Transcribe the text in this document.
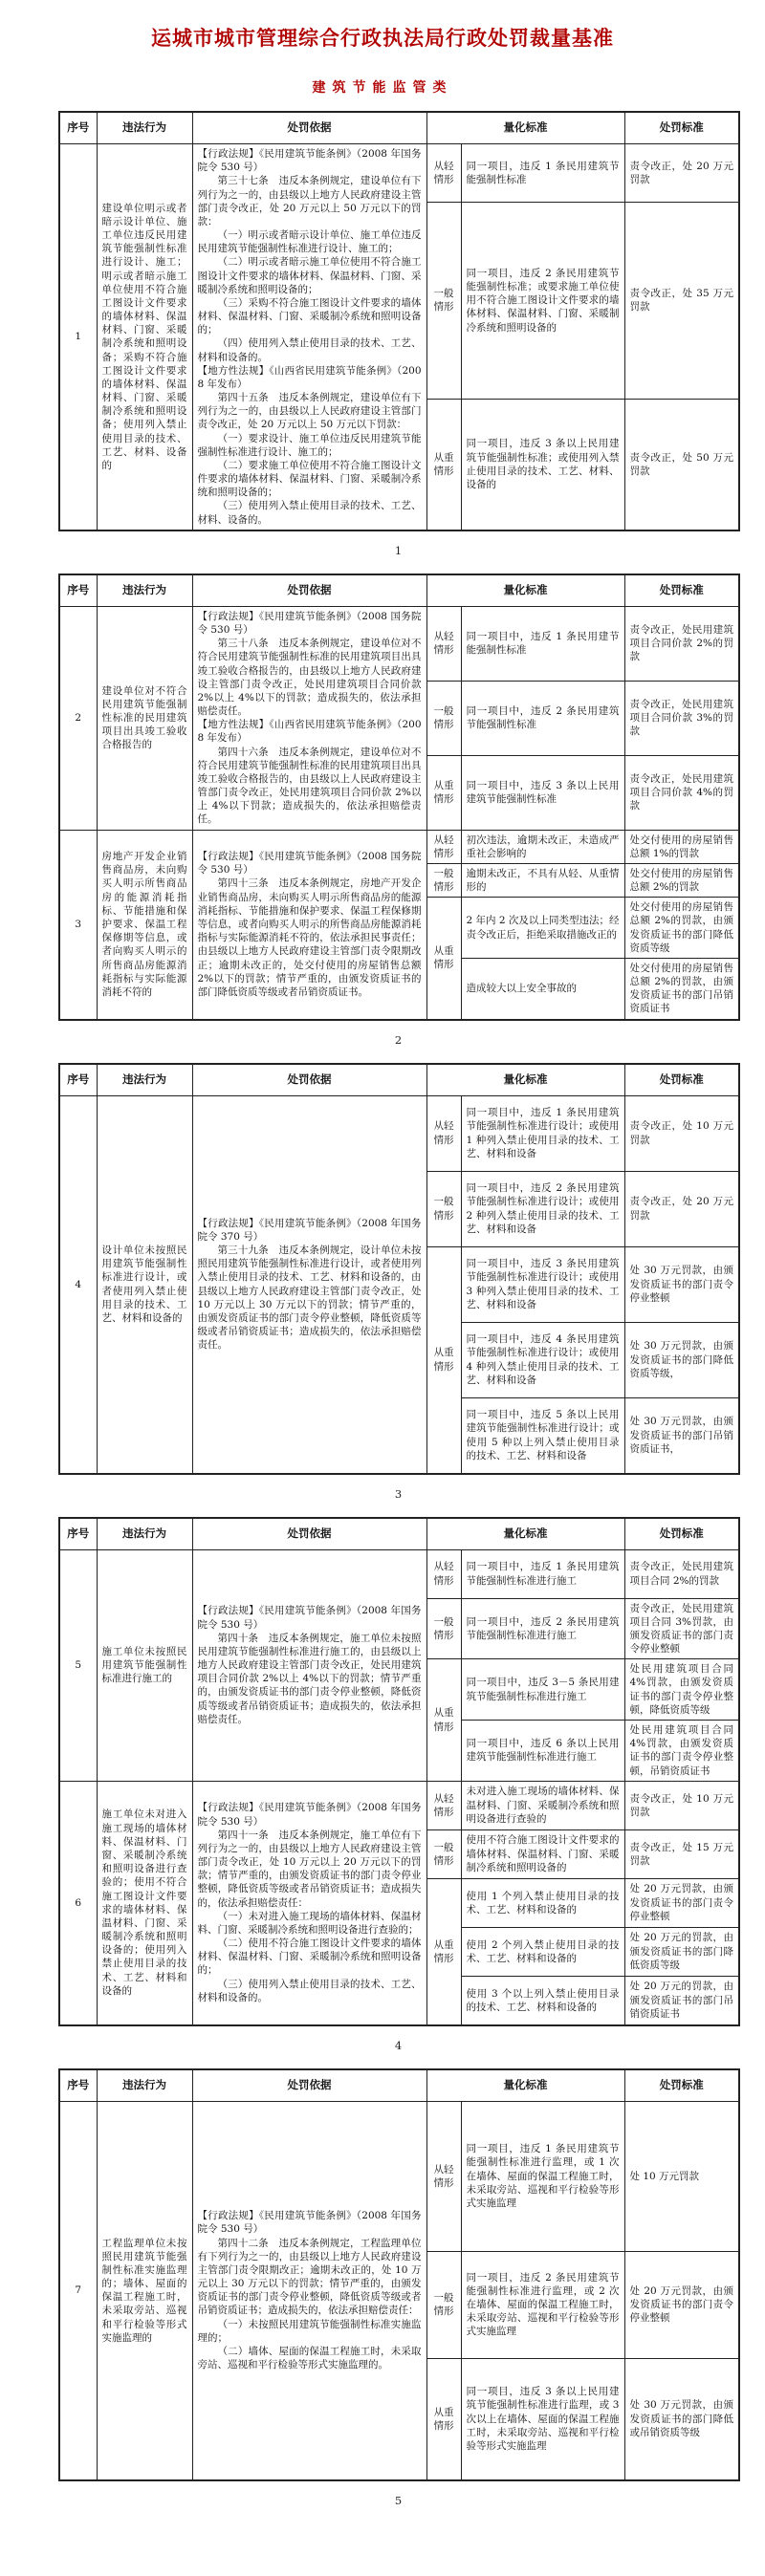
运城市城市管理综合行政执法局行政处罚裁量基准
建筑节能监管类
序号	违法行为	处罚依据	量化标准		处罚标准
1	建设单位明示或者暗示设计单位、施工单位违反民用建筑节能强制性标准进行设计、施工；明示或者暗示施工单位使用不符合施工图设计文件要求的墙体材料、保温材料、门窗、采暖制冷系统和照明设备；采购不符合施工图设计文件要求的墙体材料、保温材料、门窗、采暖制冷系统和照明设备；使用列入禁止使用目录的技术、工艺、材料、设备的	

【行政法规】《民用建筑节能条例》（2008 年国务院令 530 号）

第三十七条　违反本条例规定，建设单位有下列行为之一的，由县级以上地方人民政府建设主管部门责令改正，处 20 万元以上 50 万元以下的罚款：

（一）明示或者暗示设计单位、施工单位违反民用建筑节能强制性标准进行设计、施工的；

（二）明示或者暗示施工单位使用不符合施工图设计文件要求的墙体材料、保温材料、门窗、采暖制冷系统和照明设备的；

（三）采购不符合施工图设计文件要求的墙体材料、保温材料、门窗、采暖制冷系统和照明设备的；

（四）使用列入禁止使用目录的技术、工艺、材料和设备的。

【地方性法规】《山西省民用建筑节能条例》（2008 年发布）

第四十五条　违反本条例规定，建设单位有下列行为之一的，由县级以上人民政府建设主管部门责令改正，处 20 万元以上 50 万元以下罚款：

（一）要求设计、施工单位违反民用建筑节能强制性标准进行设计、施工的；

（二）要求施工单位使用不符合施工图设计文件要求的墙体材料、保温材料、门窗、采暖制冷系统和照明设备的；

（三）使用列入禁止使用目录的技术、工艺、材料、设备的。

	从轻情形	同一项目，违反 1 条民用建筑节能强制性标准	责令改正，处 20 万元罚款
			一般情形	同一项目，违反 2 条民用建筑节能强制性标准；或要求施工单位使用不符合施工图设计文件要求的墙体材料、保温材料、门窗、采暖制冷系统和照明设备的	责令改正，处 35 万元罚款
			从重情形	同一项目，违反 3 条以上民用建筑节能强制性标准；或使用列入禁止使用目录的技术、工艺、材料、设备的	责令改正，处 50 万元罚款
1
序号	违法行为	处罚依据	量化标准		处罚标准
2	建设单位对不符合民用建筑节能强制性标准的民用建筑项目出具竣工验收合格报告的	【行政法规】《民用建筑节能条例》（2008 国务院令 530 号）

第三十八条　违反本条例规定，建设单位对不符合民用建筑节能强制性标准的民用建筑项目出具竣工验收合格报告的，由县级以上地方人民政府建设主管部门责令改正，处民用建筑项目合同价款 2%以上 4%以下的罚款；造成损失的，依法承担赔偿责任。

【地方性法规】《山西省民用建筑节能条例》（2008 年发布）

第四十六条　违反本条例规定，建设单位对不符合民用建筑节能强制性标准的民用建筑项目出具竣工验收合格报告的，由县级以上人民政府建设主管部门责令改正，处民用建筑项目合同价款 2%以上 4%以下罚款；造成损失的，依法承担赔偿责任。	从轻情形	同一项目中，违反 1 条民用建节能强制性标准	责令改正，处民用建筑项目合同价款 2%的罚款
			一般情形	同一项目中，违反 2 条民用建筑节能强制性标准	责令改正，处民用建筑项目合同价款 3%的罚款
			从重情形	同一项目中，违反 3 条以上民用建筑节能强制性标准	责令改正，处民用建筑项目合同价款 4%的罚款
3	房地产开发企业销售商品房，未向购买人明示所售商品房的能源消耗指标、节能措施和保护要求、保温工程保修期等信息，或者向购买人明示的所售商品房能源消耗指标与实际能源消耗不符的	【行政法规】《民用建筑节能条例》（2008 国务院令 530 号）

第四十三条　违反本条例规定，房地产开发企业销售商品房，未向购买人明示所售商品房的能源消耗指标、节能措施和保护要求、保温工程保修期等信息，或者向购买人明示的所售商品房能源消耗指标与实际能源消耗不符的，依法承担民事责任；由县级以上地方人民政府建设主管部门责令限期改正；逾期未改正的，处交付使用的房屋销售总额 2%以下的罚款；情节严重的，由颁发资质证书的部门降低资质等级或者吊销资质证书。	从轻情形	初次违法，逾期未改正，未造成严重社会影响的	处交付使用的房屋销售总额 1%的罚款
			一般情形	逾期未改正，不具有从轻、从重情形的	处交付使用的房屋销售总额 2%的罚款
			从重情形	2 年内 2 次及以上同类型违法；经责令改正后，拒绝采取措施改正的	处交付使用的房屋销售总额 2%的罚款，由颁发资质证书的部门降低资质等级
				造成较大以上安全事故的	处交付使用的房屋销售总额 2%的罚款，由颁发资质证书的部门吊销资质证书
2
序号	违法行为	处罚依据	量化标准		处罚标准
4	设计单位未按照民用建筑节能强制性标准进行设计，或者使用列入禁止使用目录的技术、工艺、材料和设备的	【行政法规】《民用建筑节能条例》（2008 年国务院令 370 号）

第三十九条　违反本条例规定，设计单位未按照民用建筑节能强制性标准进行设计，或者使用列入禁止使用目录的技术、工艺、材料和设备的，由县级以上地方人民政府建设主管部门责令改正，处 10 万元以上 30 万元以下的罚款；情节严重的，由颁发资质证书的部门责令停业整顿，降低资质等级或者吊销资质证书；造成损失的，依法承担赔偿责任。	从轻情形	同一项目中，违反 1 条民用建筑节能强制性标准进行设计；或使用 1 种列入禁止使用目录的技术、工艺、材料和设备	责令改正，处 10 万元罚款
			一般情形	同一项目中，违反 2 条民用建筑节能强制性标准进行设计；或使用 2 种列入禁止使用目录的技术、工艺、材料和设备	责令改正，处 20 万元罚款
			从重情形	同一项目中，违反 3 条民用建筑节能强制性标准进行设计；或使用 3 种列入禁止使用目录的技术、工艺、材料和设备	处 30 万元罚款，由颁发资质证书的部门责令停业整顿
				同一项目中，违反 4 条民用建筑节能强制性标准进行设计；或使用 4 种列入禁止使用目录的技术、工艺、材料和设备	处 30 万元罚款，由颁发资质证书的部门降低资质等级，
				同一项目中，违反 5 条以上民用建筑节能强制性标准进行设计；或使用 5 种以上列入禁止使用目录的技术、工艺、材料和设备	处 30 万元罚款，由颁发资质证书的部门吊销资质证书，
3
序号	违法行为	处罚依据	量化标准		处罚标准
5	施工单位未按照民用建筑节能强制性标准进行施工的	【行政法规】《民用建筑节能条例》（2008 年国务院令 530 号）

第四十条　违反本条例规定，施工单位未按照民用建筑节能强制性标准进行施工的，由县级以上地方人民政府建设主管部门责令改正，处民用建筑项目合同价款 2%以上 4%以下的罚款；情节严重的，由颁发资质证书的部门责令停业整顿，降低资质等级或者吊销资质证书；造成损失的，依法承担赔偿责任。	从轻情形	同一项目中，违反 1 条民用建筑节能强制性标准进行施工	责令改正，处民用建筑项目合同 2%的罚款
			一般情形	同一项目中，违反 2 条民用建筑节能强制性标准进行施工	责令改正，处民用建筑项目合同 3%罚款，由颁发资质证书的部门责令停业整顿
			从重情形	同一项目中，违反 3－5 条民用建筑节能强制性标准进行施工	处民用建筑项目合同 4%罚款，由颁发资质证书的部门责令停业整顿，降低资质等级
				同一项目中，违反 6 条以上民用建筑节能强制性标准进行施工	处民用建筑项目合同 4%罚款，由颁发资质证书的部门责令停业整顿，吊销资质证书
6	施工单位未对进入施工现场的墙体材料、保温材料、门窗、采暖制冷系统和照明设备进行查验的；使用不符合施工图设计文件要求的墙体材料、保温材料、门窗、采暖制冷系统和照明设备的；使用列入禁止使用目录的技术、工艺、材料和设备的	【行政法规】《民用建筑节能条例》（2008 年国务院令 530 号）

第四十一条　违反本条例规定，施工单位有下列行为之一的，由县级以上地方人民政府建设主管部门责令改正，处 10 万元以上 20 万元以下的罚款；情节严重的，由颁发资质证书的部门责令停业整顿，降低资质等级或者吊销资质证书；造成损失的，依法承担赔偿责任：

（一）未对进入施工现场的墙体材料、保温材料、门窗、采暖制冷系统和照明设备进行查验的；

（二）使用不符合施工图设计文件要求的墙体材料、保温材料、门窗、采暖制冷系统和照明设备的；

（三）使用列入禁止使用目录的技术、工艺、材料和设备的。	从轻情形	未对进入施工现场的墙体材料、保温材料、门窗、采暖制冷系统和照明设备进行查验的	责令改正，处 10 万元罚款
			一般情形	使用不符合施工图设计文件要求的墙体材料、保温材料、门窗、采暖制冷系统和照明设备的	责令改正，处 15 万元罚款
			从重情形	使用 1 个列入禁止使用目录的技术、工艺、材料和设备的	处 20 万元罚款，由颁发资质证书的部门责令停业整顿
				使用 2 个列入禁止使用目录的技术、工艺、材料和设备的	处 20 万元的罚款，由颁发资质证书的部门降低资质等级
				使用 3 个以上列入禁止使用目录的技术、工艺、材料和设备的	处 20 万元的罚款，由颁发资质证书的部门吊销资质证书
4
序号	违法行为	处罚依据	量化标准		处罚标准
7	工程监理单位未按照民用建筑节能强制性标准实施监理的；墙体、屋面的保温工程施工时，未采取旁站、巡视和平行检验等形式实施监理的	【行政法规】《民用建筑节能条例》（2008 年国务院令 530 号）

第四十二条　违反本条例规定，工程监理单位有下列行为之一的，由县级以上地方人民政府建设主管部门责令限期改正；逾期未改正的，处 10 万元以上 30 万元以下的罚款；情节严重的，由颁发资质证书的部门责令停业整顿，降低资质等级或者吊销资质证书；造成损失的，依法承担赔偿责任：

（一）未按照民用建筑节能强制性标准实施监理的；

（二）墙体、屋面的保温工程施工时，未采取旁站、巡视和平行检验等形式实施监理的。	从轻情形	同一项目，违反 1 条民用建筑节能强制性标准进行监理，或 1 次在墙体、屋面的保温工程施工时，未采取旁站、巡视和平行检验等形式实施监理	处 10 万元罚款
			一般情形	同一项目，违反 2 条民用建筑节能强制性标准进行监理，或 2 次在墙体、屋面的保温工程施工时，未采取旁站、巡视和平行检验等形式实施监理	处 20 万元罚款，由颁发资质证书的部门责令停业整顿
			从重情形	同一项目，违反 3 条以上民用建筑节能强制性标准进行监理，或 3 次以上在墙体、屋面的保温工程施工时，未采取旁站、巡视和平行检验等形式实施监理	处 30 万元罚款，由颁发资质证书的部门降低或吊销资质等级
5
